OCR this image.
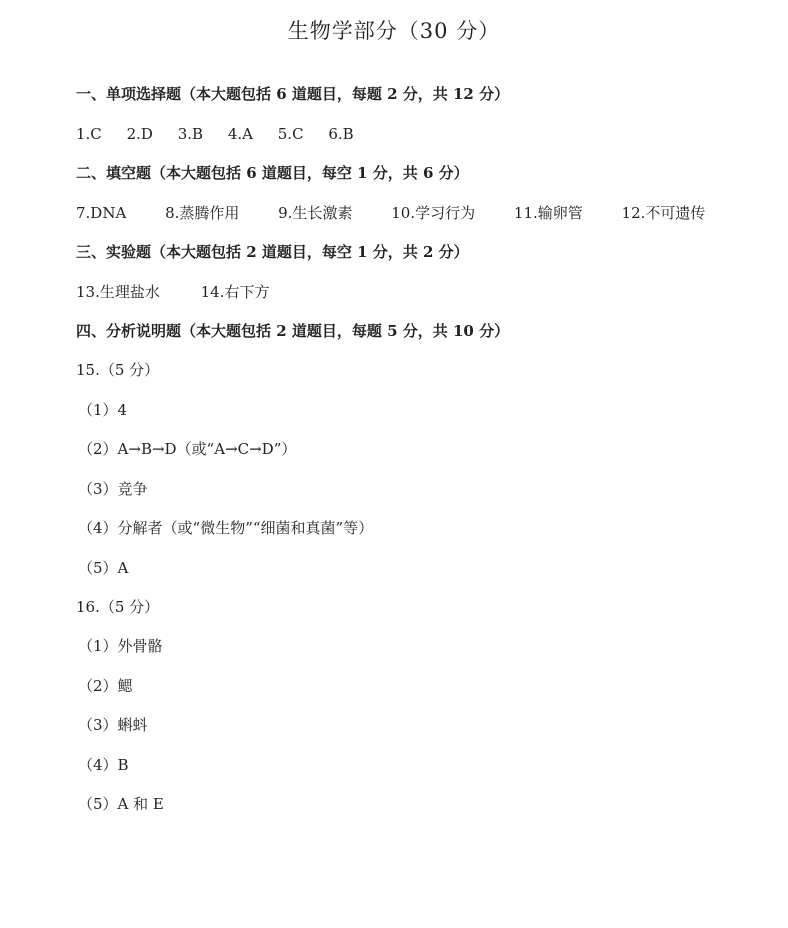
生物学部分（30 分）
一、单项选择题（本大题包括 6 道题目，每题 2 分，共 12 分）
1.C 2.D 3.B 4.A 5.C 6.B
二、填空题（本大题包括 6 道题目，每空 1 分，共 6 分）
7.DNA	8.蒸腾作用	9.生长激素	10.学习行为	11.输卵管	12.不可遗传
三、实验题（本大题包括 2 道题目，每空 1 分，共 2 分）
13.生理盐水	14.右下方
四、分析说明题（本大题包括 2 道题目，每题 5 分，共 10 分）
15.（5 分）
（1）4
（2）A→B→D（或“A→C→D”）
（3）竞争
（4）分解者（或“微生物”“细菌和真菌”等）
（5）A
16.（5 分）
（1）外骨骼
（2）鳃
（3）蝌蚪
（4）B
（5）A 和 E
